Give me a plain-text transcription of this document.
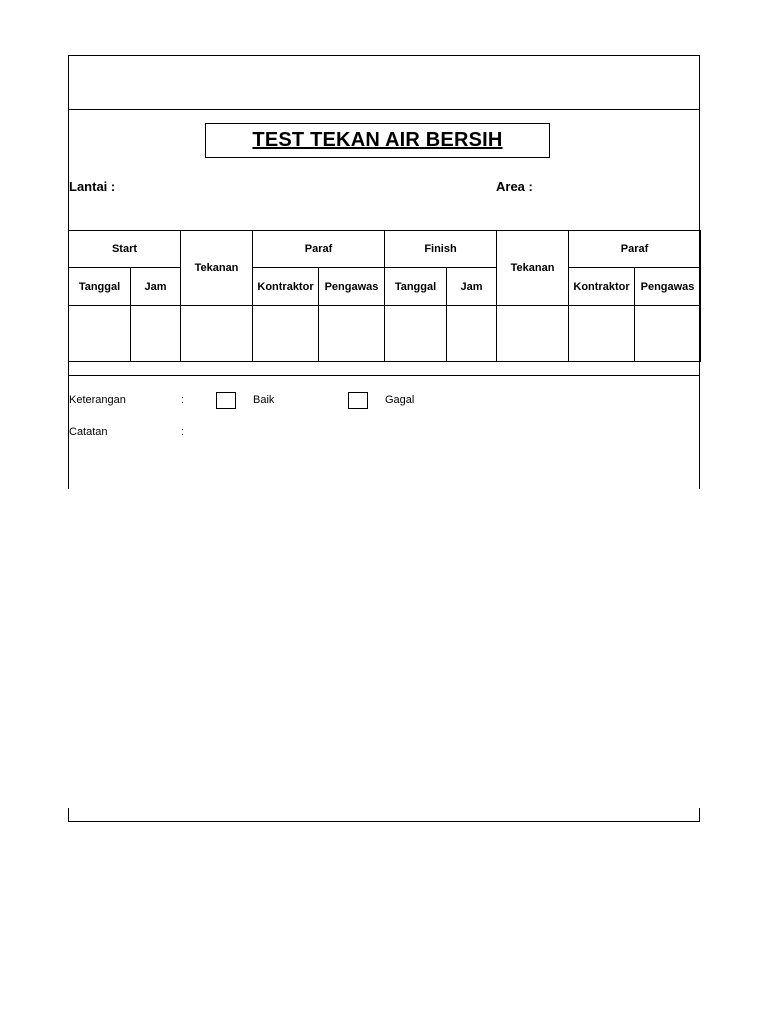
TEST TEKAN AIR BERSIH
Lantai :	Area :
Start		Tekanan	Paraf		Finish		Tekanan	Paraf	
Tanggal	Jam		Kontraktor	Pengawas	Tanggal	Jam		Kontraktor	Pengawas

Keterangan	:	Baik	Gagal
Catatan	:
